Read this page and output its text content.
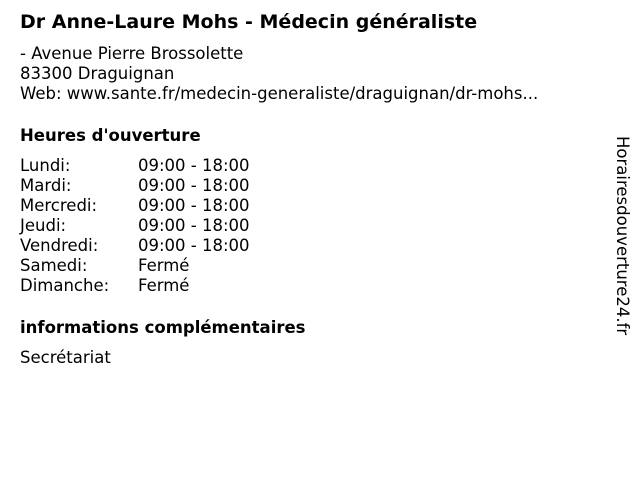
Dr Anne-Laure Mohs - Médecin généraliste
- Avenue Pierre Brossolette
83300 Draguignan
Web: www.sante.fr/medecin-generaliste/draguignan/dr-mohs...
Heures d'ouverture
Lundi:	09:00 - 18:00
Mardi:	09:00 - 18:00
Mercredi:	09:00 - 18:00
Jeudi:	09:00 - 18:00
Vendredi:	09:00 - 18:00
Samedi:	Fermé
Dimanche:	Fermé
informations complémentaires
Secrétariat
Horairesdouverture24.fr
